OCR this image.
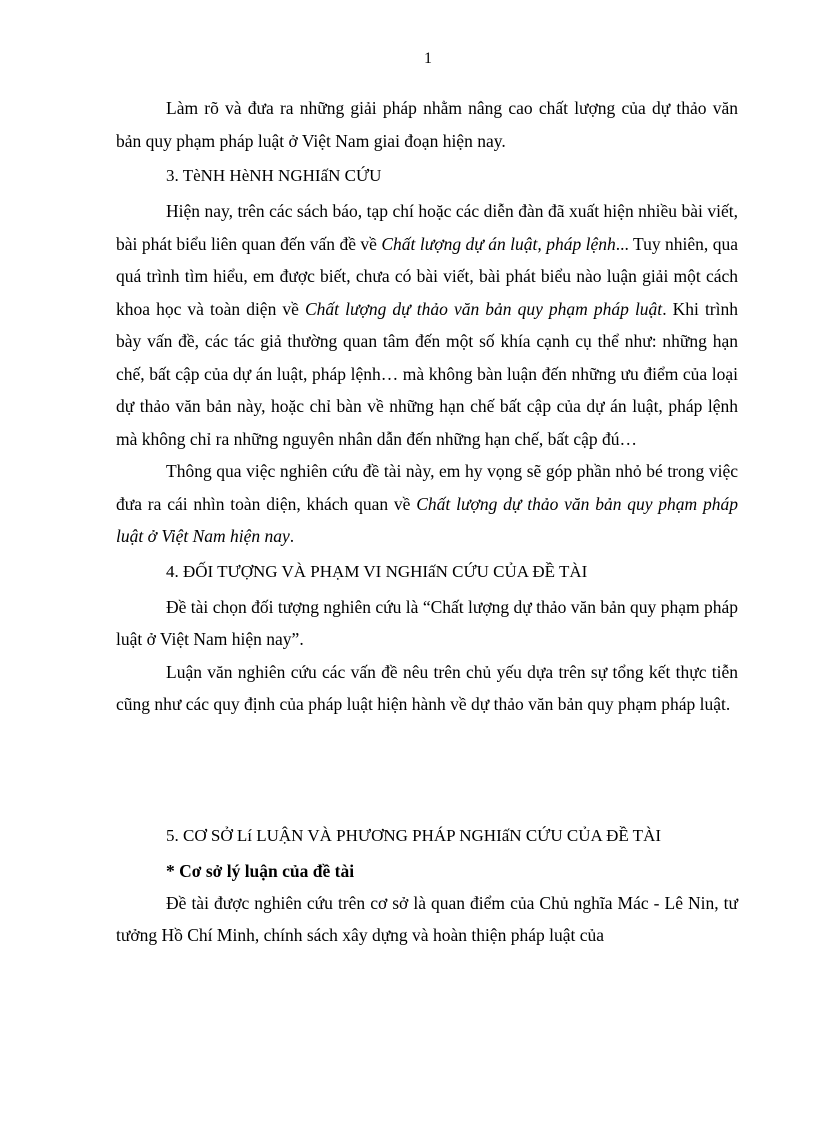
1

Làm rõ và đưa ra những giải pháp nhằm nâng cao chất lượng của dự thảo văn bản quy phạm pháp luật ở Việt Nam giai đoạn hiện nay.

3. TèNH HèNH NGHIấN CỨU

Hiện nay, trên các sách báo, tạp chí hoặc các diễn đàn đã xuất hiện nhiều bài viết, bài phát biểu liên quan đến vấn đề về Chất lượng dự án luật, pháp lệnh... Tuy nhiên, qua quá trình tìm hiểu, em được biết, chưa có bài viết, bài phát biểu nào luận giải một cách khoa học và toàn diện về Chất lượng dự thảo văn bản quy phạm pháp luật. Khi trình bày vấn đề, các tác giả thường quan tâm đến một số khía cạnh cụ thể như: những hạn chế, bất cập của dự án luật, pháp lệnh… mà không bàn luận đến những ưu điểm của loại dự thảo văn bản này, hoặc chỉ bàn về những hạn chế bất cập của dự án luật, pháp lệnh mà không chỉ ra những nguyên nhân dẫn đến những hạn chế, bất cập đú…

Thông qua việc nghiên cứu đề tài này, em hy vọng sẽ góp phần nhỏ bé trong việc đưa ra cái nhìn toàn diện, khách quan về Chất lượng dự thảo văn bản quy phạm pháp luật ở Việt Nam hiện nay.

4. ĐỐI TƯỢNG VÀ PHẠM VI NGHIấN CỨU CỦA ĐỀ TÀI

Đề tài chọn đối tượng nghiên cứu là “Chất lượng dự thảo văn bản quy phạm pháp luật ở Việt Nam hiện nay”.

Luận văn nghiên cứu các vấn đề nêu trên chủ yếu dựa trên sự tổng kết thực tiễn cũng như các quy định của pháp luật hiện hành về dự thảo văn bản quy phạm pháp luật.

5. CƠ SỞ Lí LUẬN VÀ PHƯƠNG PHÁP NGHIấN CỨU CỦA ĐỀ TÀI
* Cơ sở lý luận của đề tài

Đề tài được nghiên cứu trên cơ sở là quan điểm của Chủ nghĩa Mác - Lê Nin, tư tưởng Hồ Chí Minh, chính sách xây dựng và hoàn thiện pháp luật của
